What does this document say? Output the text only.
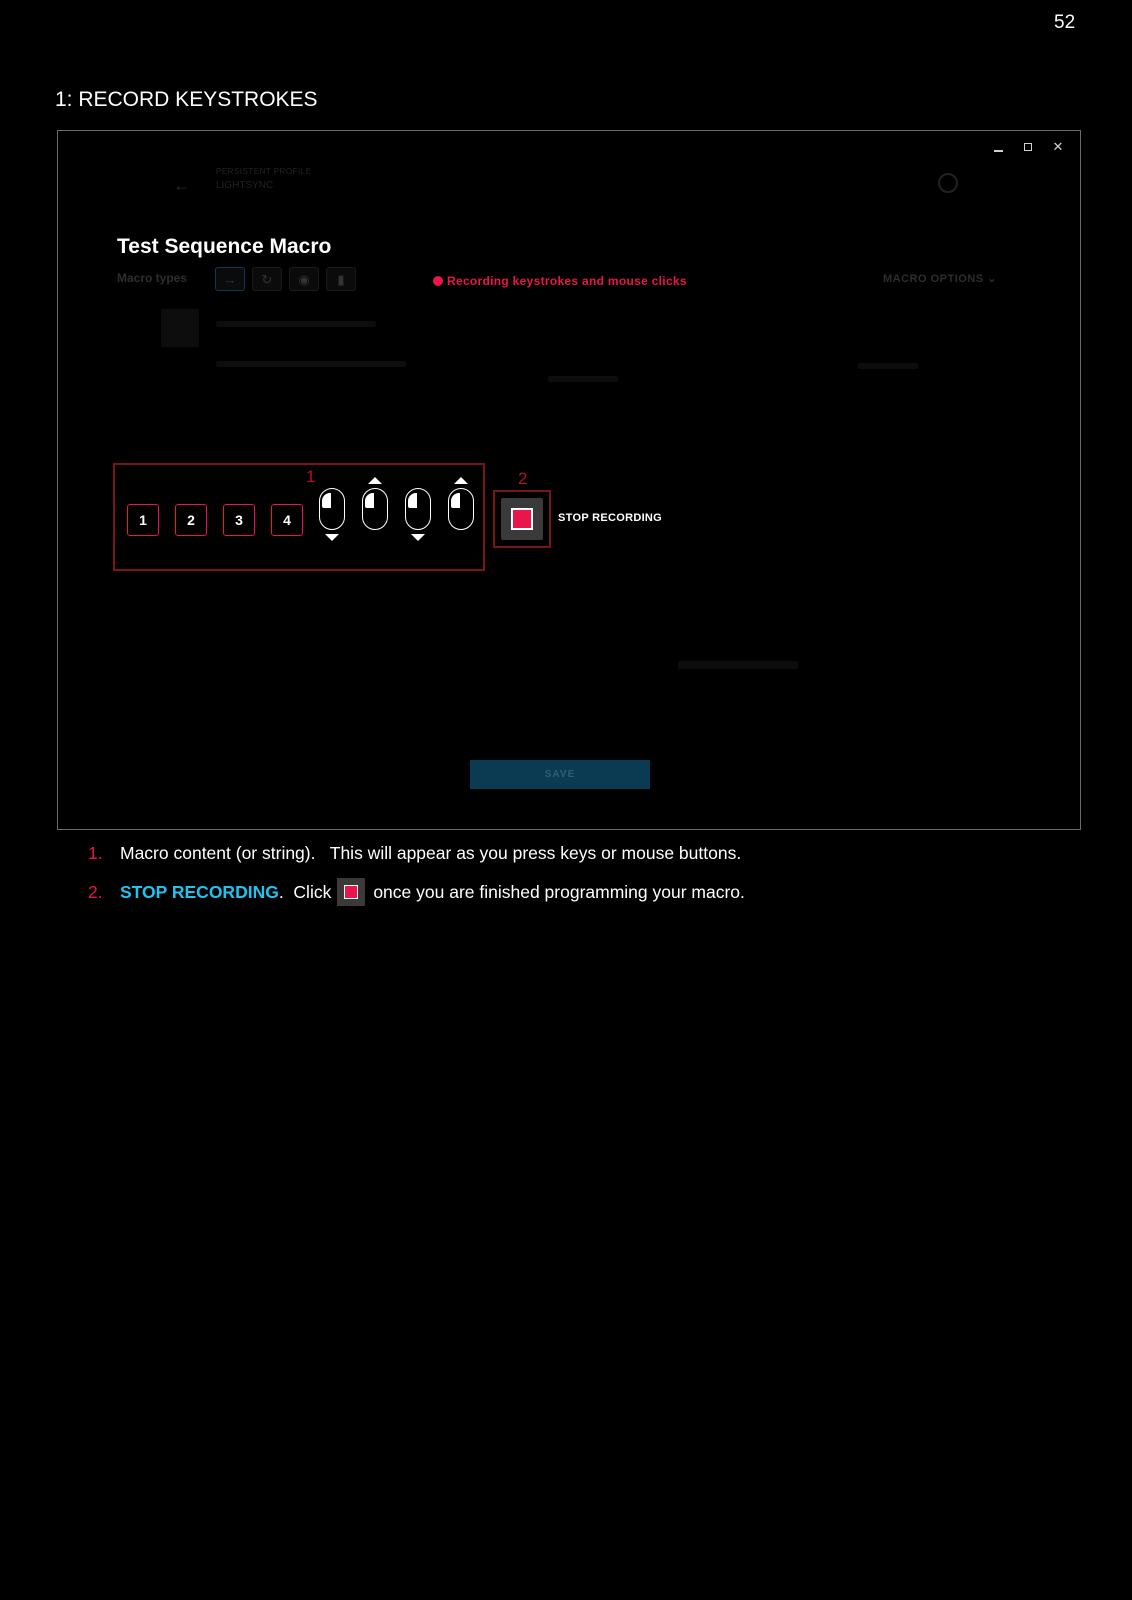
52
1: RECORD KEYSTROKES
✕
←
PERSISTENT PROFILE
LIGHTSYNC
Test Sequence Macro
Macro types	→	↻	◉	▮	Recording keystrokes and mouse clicks	MACRO OPTIONS ⌄
1	2
1	2	3	4	STOP RECORDING
SAVE
1. Macro content (or string).   This will appear as you press keys or mouse buttons.
2. STOP RECORDING .  Click once you are finished programming your macro.
